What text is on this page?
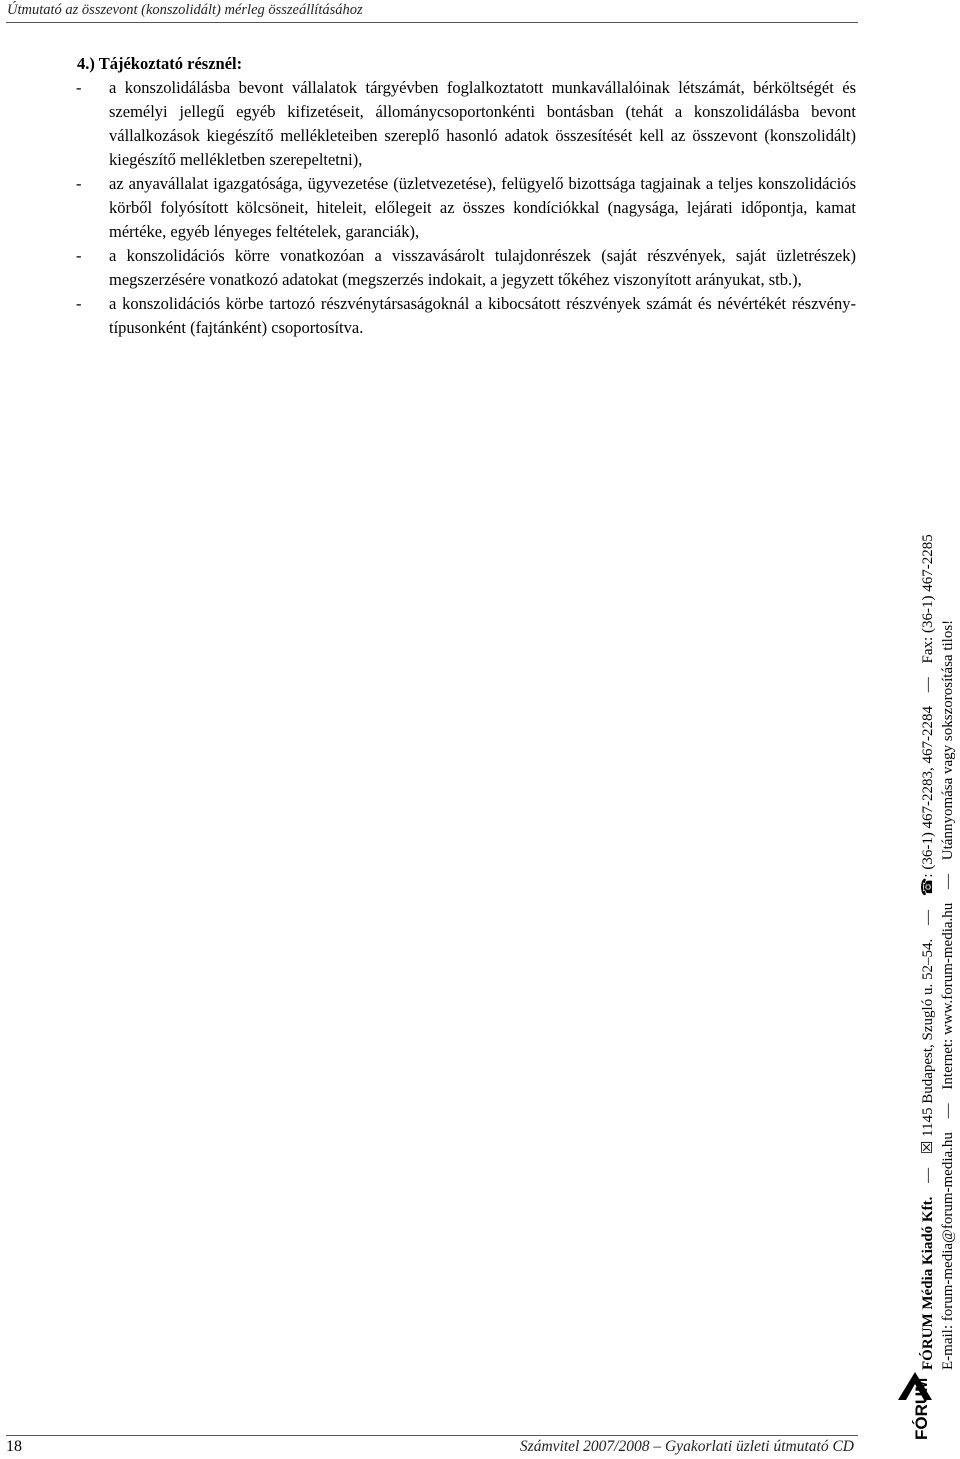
Útmutató az összevont (konszolidált) mérleg összeállításához
4.) Tájékoztató résznél:
-	a konszolidálásba bevont vállalatok tárgyévben foglalkoztatott munkavállalóinak létszámát, bérköltségét és személyi jellegű egyéb kifizetéseit, állománycsoportonkénti bontásban (tehát a konszolidálásba bevont vállalkozások kiegészítő mellékleteiben szereplő hasonló adatok összesítését kell az összevont (konszolidált) kiegészítő mellékletben szerepeltetni),
-	az anyavállalat igazgatósága, ügyvezetése (üzletvezetése), felügyelő bizottsága tagjainak a teljes konszolidációs körből folyósított kölcsöneit, hiteleit, előlegeit az összes kondíciókkal (nagysága, lejárati időpontja, kamat mértéke, egyéb lényeges feltételek, garanciák),
-	a konszolidációs körre vonatkozóan a visszavásárolt tulajdonrészek (saját részvények, saját üzletrészek) megszerzésére vonatkozó adatokat (megszerzés indokait, a jegyzett tőkéhez viszonyított arányukat, stb.),
-	a konszolidációs körbe tartozó részvénytársaságoknál a kibocsátott részvények számát és névértékét részvény-típusonként (fajtánként) csoportosítva.
FÓRUM Média Kiadó Kft. — ☒ 1145 Budapest, Szugló u. 52–54. — ☎: (36-1) 467-2283, 467-2284 — Fax: (36-1) 467-2285
E-mail: forum-media@forum-media.hu — Internet: www.forum-media.hu — Utánnyomása vagy sokszorosítása tilos!
FÓRUM
18	Számvitel 2007/2008 – Gyakorlati üzleti útmutató CD
